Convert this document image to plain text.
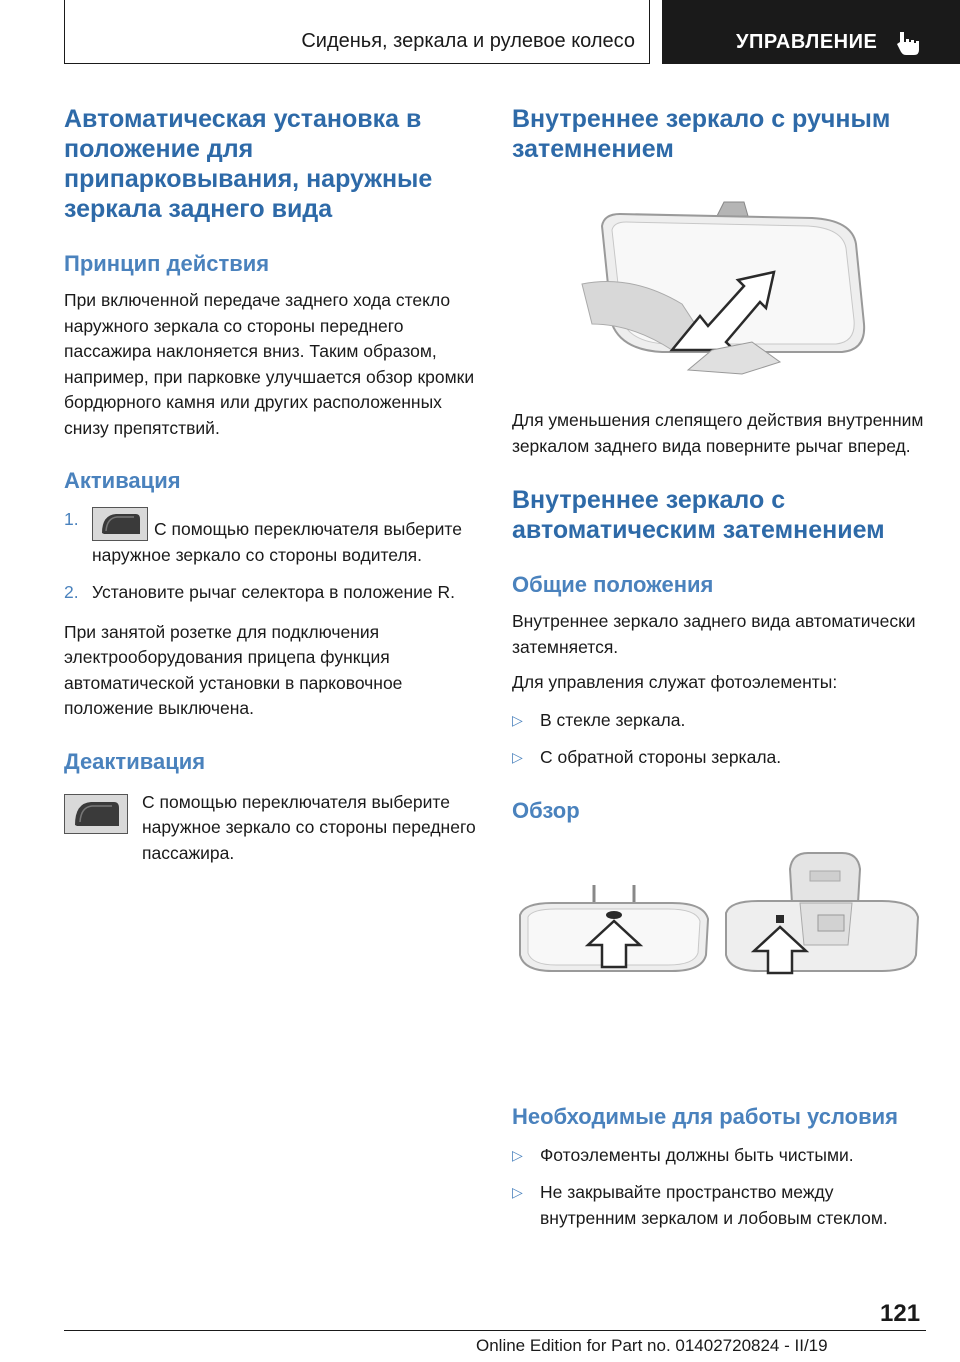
Сиденья, зеркала и рулевое колесо	УПРАВЛЕНИЕ
Автоматическая установка в положение для припарковывания, наружные зеркала заднего вида
Принцип действия

При включенной передаче заднего хода стекло наружного зеркала со стороны переднего пассажира наклоняется вниз. Таким образом, например, при парковке улучшается обзор кромки бордюрного камня или других расположенных снизу препятствий.

Активация
1.	С помощью переключателя выберите наружное зеркало со стороны водителя.
2. Установите рычаг селектора в положение R.

При занятой розетке для подключения электрооборудования прицепа функция автоматической установки в парковочное положение выключена.

Деактивация

С помощью переключателя выберите наружное зеркало со стороны переднего пассажира.

Внутреннее зеркало с ручным затемнением

Для уменьшения слепящего действия внутренним зеркалом заднего вида поверните рычаг вперед.

Внутреннее зеркало с автоматическим затемнением
Общие положения

Внутреннее зеркало заднего вида автоматически затемняется.

Для управления служат фотоэлементы:

▷ В стекле зеркала.
▷ С обратной стороны зеркала.
Обзор
Необходимые для работы условия
▷ Фотоэлементы должны быть чистыми.
▷ Не закрывайте пространство между внутренним зеркалом и лобовым стеклом.
121
Online Edition for Part no. 01402720824 - II/19
